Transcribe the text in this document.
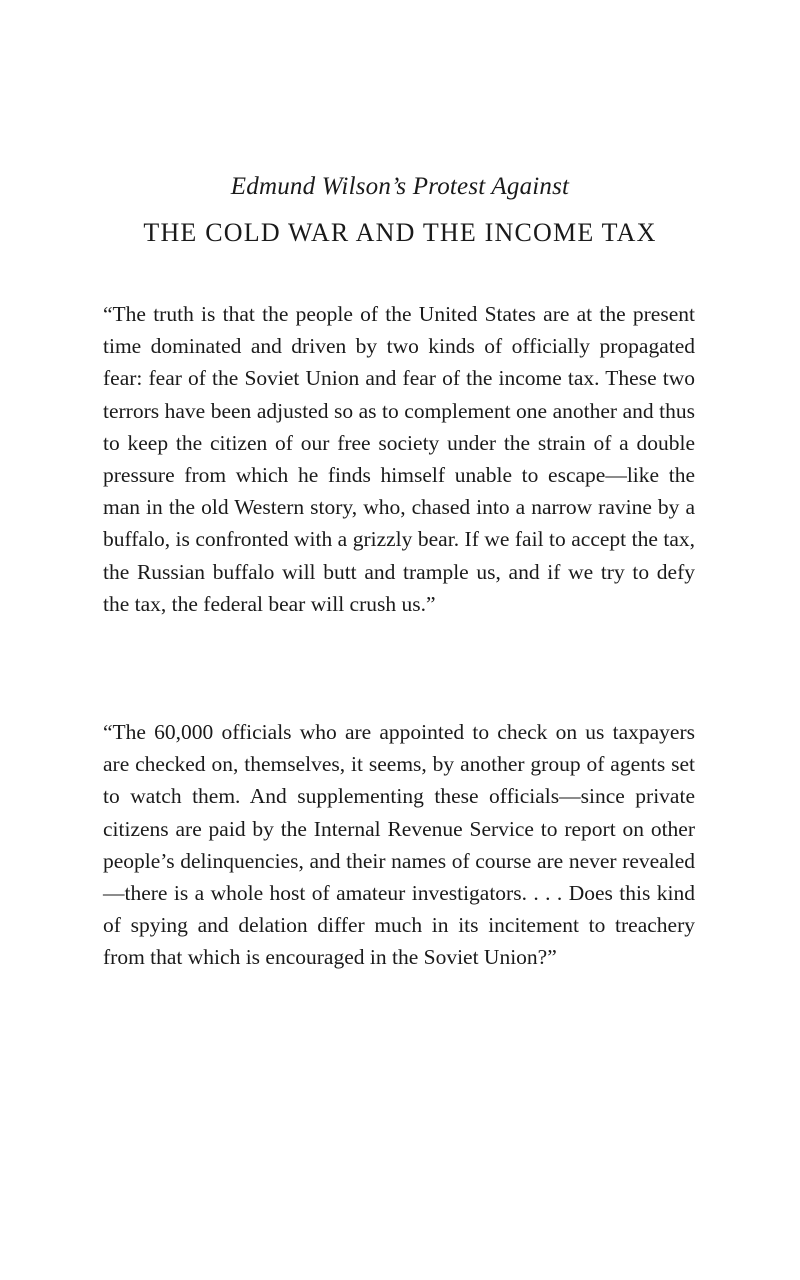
Edmund Wilson’s Protest Against
THE COLD WAR AND THE INCOME TAX

“The truth is that the people of the United States are at the present time dominated and driven by two kinds of officially propagated fear: fear of the Soviet Union and fear of the income tax. These two terrors have been adjusted so as to complement one another and thus to keep the citizen of our free society under the strain of a double pressure from which he finds himself unable to escape—like the man in the old Western story, who, chased into a narrow ravine by a buffalo, is confronted with a grizzly bear. If we fail to accept the tax, the Russian buffalo will butt and trample us, and if we try to defy the tax, the federal bear will crush us.”

“The 60,000 officials who are appointed to check on us taxpayers are checked on, themselves, it seems, by another group of agents set to watch them. And supplementing these officials—since private citizens are paid by the Internal Revenue Service to report on other people’s delinquencies, and their names of course are never revealed—there is a whole host of amateur investigators. . . . Does this kind of spying and delation differ much in its incitement to treachery from that which is encouraged in the Soviet Union?”
